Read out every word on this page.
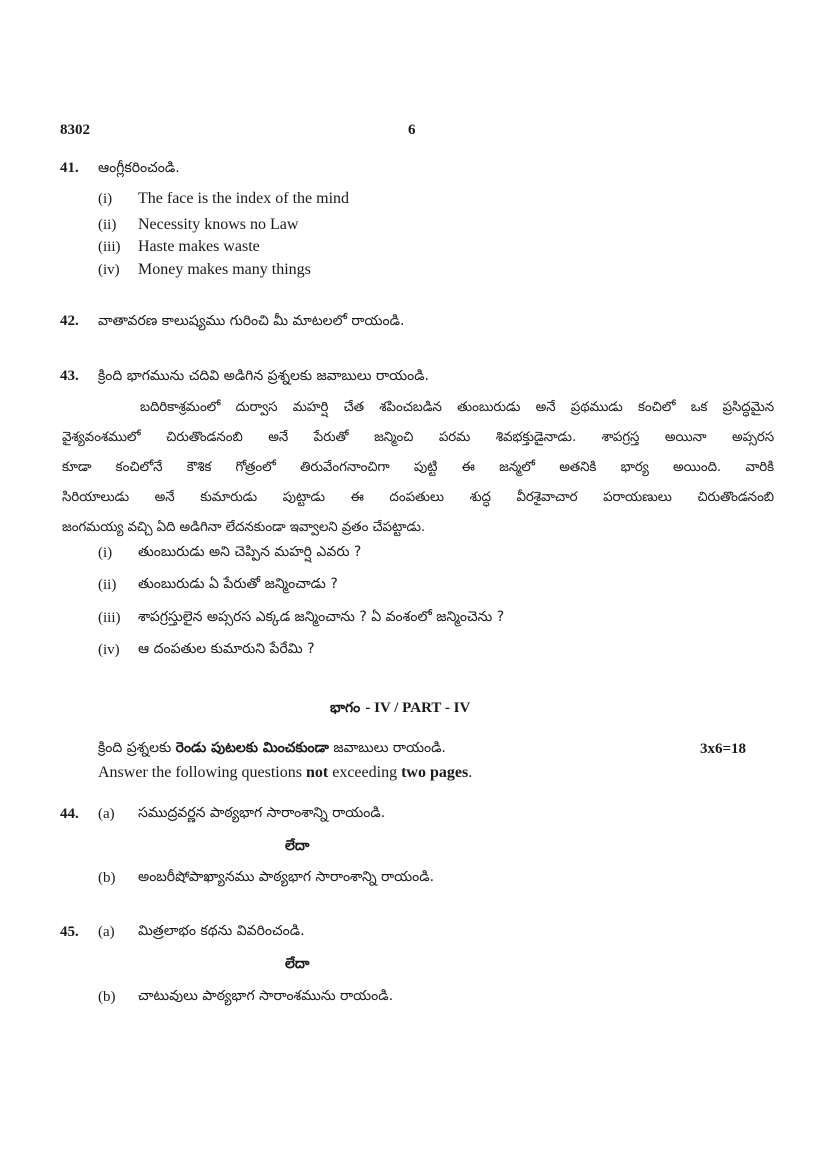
8302	6
41. ఆంగ్లీకరించండి.
(i) The face is the index of the mind
(ii) Necessity knows no Law
(iii) Haste makes waste
(iv) Money makes many things
42. వాతావరణ కాలుష్యము గురించి మీ మాటలలో రాయండి.
43. క్రింది భాగమును చదివి అడిగిన ప్రశ్నలకు జవాబులు రాయండి.
బదిరికాశ్రమంలో దుర్వాస మహర్షి చేత శపించబడిన తుంబురుడు అనే ప్రథముడు కంచిలో ఒక ప్రసిద్ధమైన
వైశ్యవంశములో చిరుతొండనంబి అనే పేరుతో జన్మించి పరమ శివభక్తుడైనాడు. శాపగ్రస్త అయినా అప్సరస
కూడా కంచిలోనే కౌశిక గోత్రంలో తిరువేంగనాంచిగా పుట్టి ఈ జన్మలో అతనికి భార్య అయింది. వారికి
సిరియాలుడు అనే కుమారుడు పుట్టాడు ఈ దంపతులు శుద్ధ వీరశైవాచార పరాయణులు చిరుతొండనంబి
జంగమయ్య వచ్చి ఏది అడిగినా లేదనకుండా ఇవ్వాలని వ్రతం చేపట్టాడు.
(i) తుంబురుడు అని చెప్పిన మహర్షి ఎవరు ?
(ii) తుంబురుడు ఏ పేరుతో జన్మించాడు ?
(iii) శాపగ్రస్తులైన అప్సరస ఎక్కడ జన్మించాను ? ఏ వంశంలో జన్మించెను ?
(iv) ఆ దంపతుల కుమారుని పేరేమి ?
భాగం - IV / PART - IV
క్రింది ప్రశ్నలకు రెండు పుటలకు మించకుండా జవాబులు రాయండి.	3x6=18
Answer the following questions not exceeding two pages.
44. (a) సముద్రవర్ణన పాఠ్యభాగ సారాంశాన్ని రాయండి.
లేదా
(b) అంబరీషోపాఖ్యానము పాఠ్యభాగ సారాంశాన్ని రాయండి.
45. (a) మిత్రలాభం కథను వివరించండి.
లేదా
(b) చాటువులు పాఠ్యభాగ సారాంశమును రాయండి.
